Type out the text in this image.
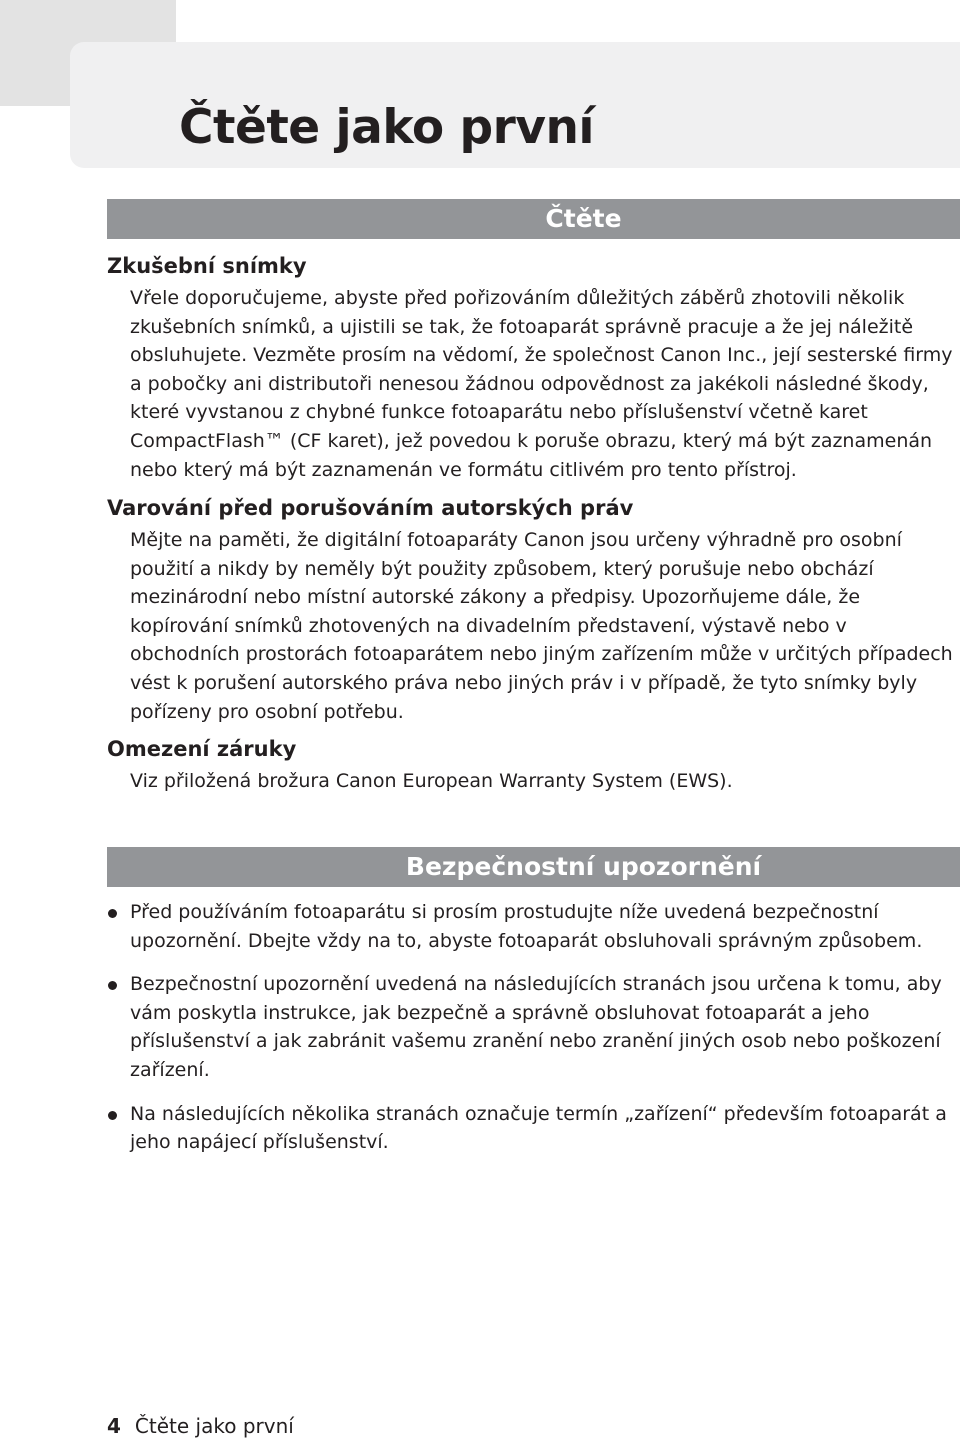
Čtěte jako první
Čtěte
Zkušební snímky

Vřele doporučujeme, abyste před pořizováním důležitých záběrů zhotovili několik zkušebních snímků, a ujistili se tak, že fotoaparát správně pracuje a že jej náležitě obsluhujete. Vezměte prosím na vědomí, že společnost Canon Inc., její sesterské firmy a pobočky ani distributoři nenesou žádnou odpovědnost za jakékoli následné škody, které vyvstanou z chybné funkce fotoaparátu nebo příslušenství včetně karet CompactFlash™ (CF karet), jež povedou k poruše obrazu, který má být zaznamenán nebo který má být zaznamenán ve formátu citlivém pro tento přístroj.

Varování před porušováním autorských práv

Mějte na paměti, že digitální fotoaparáty Canon jsou určeny výhradně pro osobní použití a nikdy by neměly být použity způsobem, který porušuje nebo obchází mezinárodní nebo místní autorské zákony a předpisy. Upozorňujeme dále, že kopírování snímků zhotovených na divadelním představení, výstavě nebo v obchodních prostorách fotoaparátem nebo jiným zařízením může v určitých případech vést k porušení autorského práva nebo jiných práv i v případě, že tyto snímky byly pořízeny pro osobní potřebu.

Omezení záruky

Viz přiložená brožura Canon European Warranty System (EWS).

Bezpečnostní upozornění
Před používáním fotoaparátu si prosím prostudujte níže uvedená bezpečnostní upozornění. Dbejte vždy na to, abyste fotoaparát obsluhovali správným způsobem.
Bezpečnostní upozornění uvedená na následujících stranách jsou určena k tomu, aby vám poskytla instrukce, jak bezpečně a správně obsluhovat fotoaparát a jeho příslušenství a jak zabránit vašemu zranění nebo zranění jiných osob nebo poškození zařízení.
Na následujících několika stranách označuje termín „zařízení“ především fotoaparát a jeho napájecí příslušenství.
4 Čtěte jako první
